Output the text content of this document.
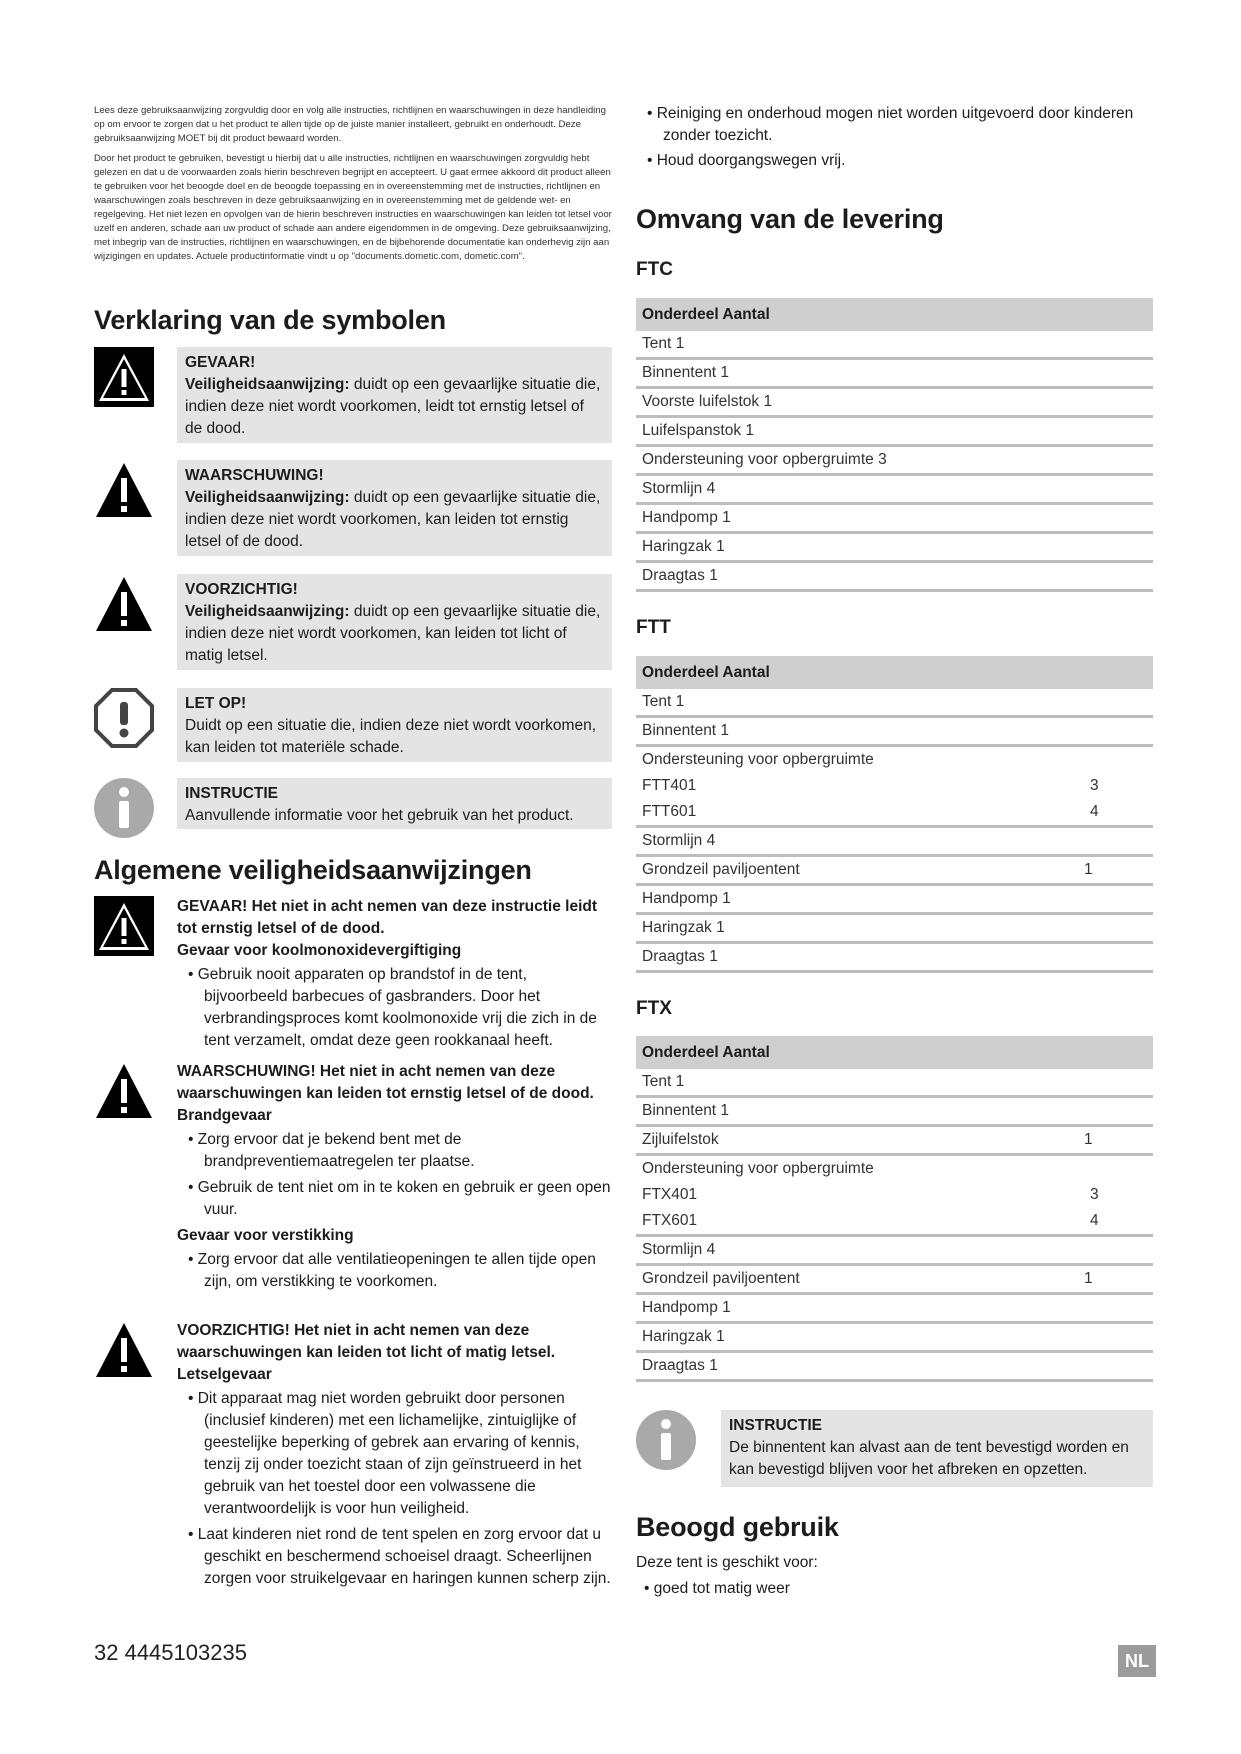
Lees deze gebruiksaanwijzing zorgvuldig door en volg alle instructies, richtlijnen en waarschuwingen in deze handleiding op om ervoor te zorgen dat u het product te allen tijde op de juiste manier installeert, gebruikt en onderhoudt. Deze gebruiksaanwijzing MOET bij dit product bewaard worden.

Door het product te gebruiken, bevestigt u hierbij dat u alle instructies, richtlijnen en waarschuwingen zorgvuldig hebt gelezen en dat u de voorwaarden zoals hierin beschreven begrijpt en accepteert. U gaat ermee akkoord dit product alleen te gebruiken voor het beoogde doel en de beoogde toepassing en in overeenstemming met de instructies, richtlijnen en waarschuwingen zoals beschreven in deze gebruiksaanwijzing en in overeenstemming met de geldende wet- en regelgeving. Het niet lezen en opvolgen van de hierin beschreven instructies en waarschuwingen kan leiden tot letsel voor uzelf en anderen, schade aan uw product of schade aan andere eigendommen in de omgeving. Deze gebruiksaanwijzing, met inbegrip van de instructies, richtlijnen en waarschuwingen, en de bijbehorende documentatie kan onderhevig zijn aan wijzigingen en updates. Actuele productinformatie vindt u op "documents.dometic.com, dometic.com".

Verklaring van de symbolen
GEVAAR!
Veiligheidsaanwijzing: duidt op een gevaarlijke situatie die, indien deze niet wordt voorkomen, leidt tot ernstig letsel of de dood.
WAARSCHUWING!
Veiligheidsaanwijzing: duidt op een gevaarlijke situatie die, indien deze niet wordt voorkomen, kan leiden tot ernstig letsel of de dood.
VOORZICHTIG!
Veiligheidsaanwijzing: duidt op een gevaarlijke situatie die, indien deze niet wordt voorkomen, kan leiden tot licht of matig letsel.
LET OP!
Duidt op een situatie die, indien deze niet wordt voorkomen, kan leiden tot materiële schade.
INSTRUCTIE
Aanvullende informatie voor het gebruik van het product.
Algemene veiligheidsaanwijzingen
GEVAAR! Het niet in acht nemen van deze instructie leidt tot ernstig letsel of de dood.
Gevaar voor koolmonoxidevergiftiging
• Gebruik nooit apparaten op brandstof in de tent, bijvoorbeeld barbecues of gasbranders. Door het verbrandingsproces komt koolmonoxide vrij die zich in de tent verzamelt, omdat deze geen rookkanaal heeft.
WAARSCHUWING! Het niet in acht nemen van deze waarschuwingen kan leiden tot ernstig letsel of de dood.
Brandgevaar
• Zorg ervoor dat je bekend bent met de brandpreventiemaatregelen ter plaatse.
• Gebruik de tent niet om in te koken en gebruik er geen open vuur.
Gevaar voor verstikking
• Zorg ervoor dat alle ventilatieopeningen te allen tijde open zijn, om verstikking te voorkomen.
VOORZICHTIG! Het niet in acht nemen van deze waarschuwingen kan leiden tot licht of matig letsel.
Letselgevaar
• Dit apparaat mag niet worden gebruikt door personen (inclusief kinderen) met een lichamelijke, zintuiglijke of geestelijke beperking of gebrek aan ervaring of kennis, tenzij zij onder toezicht staan of zijn geïnstrueerd in het gebruik van het toestel door een volwassene die verantwoordelijk is voor hun veiligheid.
• Laat kinderen niet rond de tent spelen en zorg ervoor dat u geschikt en beschermend schoeisel draagt. Scheerlijnen zorgen voor struikelgevaar en haringen kunnen scherp zijn.
• Reiniging en onderhoud mogen niet worden uitgevoerd door kinderen zonder toezicht.
• Houd doorgangswegen vrij.
Omvang van de levering
FTC
Onderdeel Aantal
Tent 1
Binnentent 1
Voorste luifelstok 1
Luifelspanstok 1
Ondersteuning voor opbergruimte 3
Stormlijn 4
Handpomp 1
Haringzak 1
Draagtas 1
FTT
Onderdeel Aantal
Tent 1
Binnentent 1
Ondersteuning voor opbergruimte
FTT401	3
FTT601	4
Stormlijn 4
Grondzeil paviljoentent	1
Handpomp 1
Haringzak 1
Draagtas 1
FTX
Onderdeel Aantal
Tent 1
Binnentent 1
Zijluifelstok	1
Ondersteuning voor opbergruimte
FTX401	3
FTX601	4
Stormlijn 4
Grondzeil paviljoentent	1
Handpomp 1
Haringzak 1
Draagtas 1
INSTRUCTIE
De binnentent kan alvast aan de tent bevestigd worden en kan bevestigd blijven voor het afbreken en opzetten.
Beoogd gebruik
Deze tent is geschikt voor:
• goed tot matig weer
32 4445103235	NL
